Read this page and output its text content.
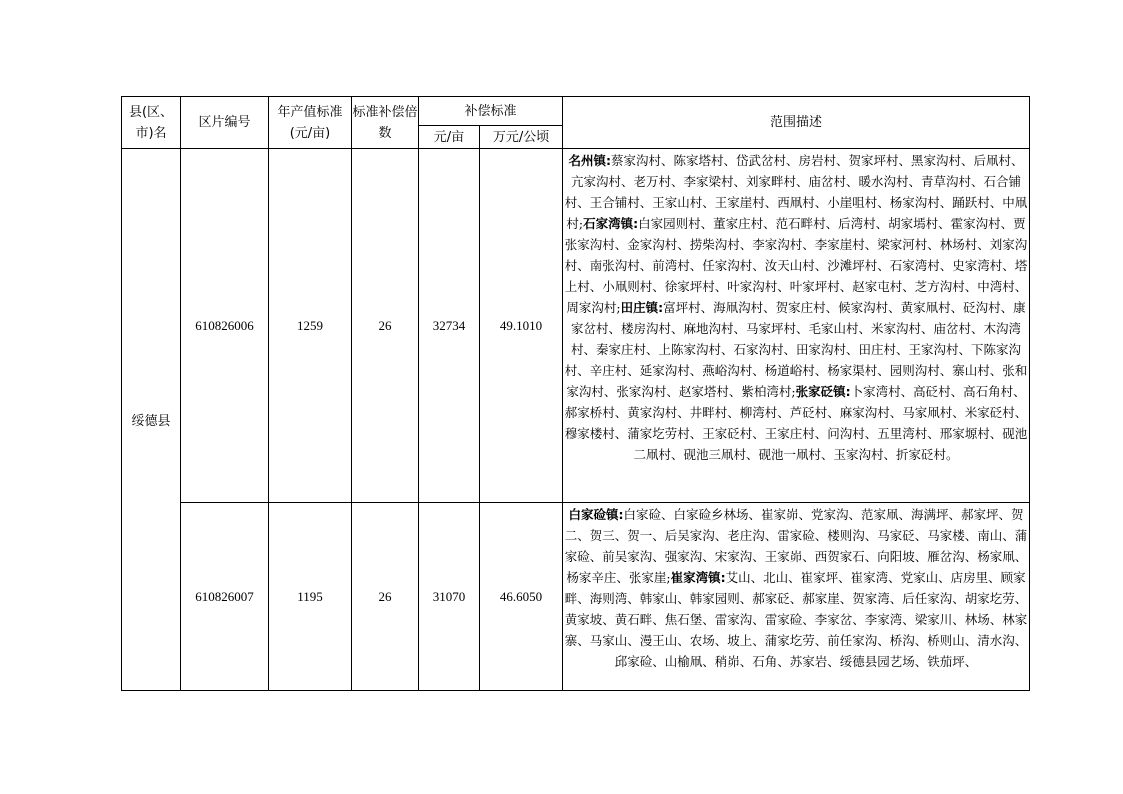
县(区、市)名	区片编号	年产值标准(元/亩)	标准补偿倍数	补偿标准		范围描述
				元/亩	万元/公顷	
绥德县	610826006	1259	26	32734	49.1010	名州镇:蔡家沟村、陈家塔村、岱武岔村、房岩村、贺家坪村、黑家沟村、后凧村、亢家沟村、老万村、李家梁村、刘家畔村、庙岔村、暖水沟村、青草沟村、石合铺村、王合铺村、王家山村、王家崖村、西凧村、小崖咀村、杨家沟村、踊跃村、中凧村;石家湾镇:白家园则村、董家庄村、范石畔村、后湾村、胡家墕村、霍家沟村、贾张家沟村、金家沟村、捞柴沟村、李家沟村、李家崖村、梁家河村、林场村、刘家沟村、南张沟村、前湾村、任家沟村、汝天山村、沙滩坪村、石家湾村、史家湾村、塔上村、小凧则村、徐家坪村、叶家沟村、叶家坪村、赵家屯村、芝方沟村、中湾村、周家沟村;田庄镇:富坪村、海凧沟村、贺家庄村、候家沟村、黄家凧村、砭沟村、康家岔村、楼房沟村、麻地沟村、马家坪村、毛家山村、米家沟村、庙岔村、木沟湾村、秦家庄村、上陈家沟村、石家沟村、田家沟村、田庄村、王家沟村、下陈家沟村、辛庄村、延家沟村、燕峪沟村、杨道峪村、杨家渠村、园则沟村、寨山村、张和家沟村、张家沟村、赵家塔村、紫柏湾村;张家砭镇:卜家湾村、高砭村、高石角村、郝家桥村、黄家沟村、井畔村、柳湾村、芦砭村、麻家沟村、马家凧村、米家砭村、穆家楼村、蒲家圪劳村、王家砭村、王家庄村、问沟村、五里湾村、邢家塬村、砚池二凧村、砚池三凧村、砚池一凧村、玉家沟村、折家砭村。

	610826007	1195	26	31070	46.6050	白家硷镇:白家硷、白家硷乡林场、崔家峁、党家沟、范家凧、海满坪、郝家坪、贺二、贺三、贺一、后吴家沟、老庄沟、雷家硷、楼则沟、马家砭、马家楼、南山、蒲家硷、前吴家沟、强家沟、宋家沟、王家峁、西贺家石、向阳坡、雁岔沟、杨家凧、杨家辛庄、张家崖;崔家湾镇:艾山、北山、崔家坪、崔家湾、党家山、店房里、顾家畔、海则湾、韩家山、韩家园则、郝家砭、郝家崖、贺家湾、后任家沟、胡家圪劳、黄家坡、黄石畔、焦石堡、雷家沟、雷家硷、李家岔、李家湾、梁家川、林场、林家寨、马家山、漫王山、农场、坡上、蒲家圪劳、前任家沟、桥沟、桥则山、清水沟、邱家硷、山榆凧、稍峁、石角、苏家岩、绥德县园艺场、铁茄坪、
